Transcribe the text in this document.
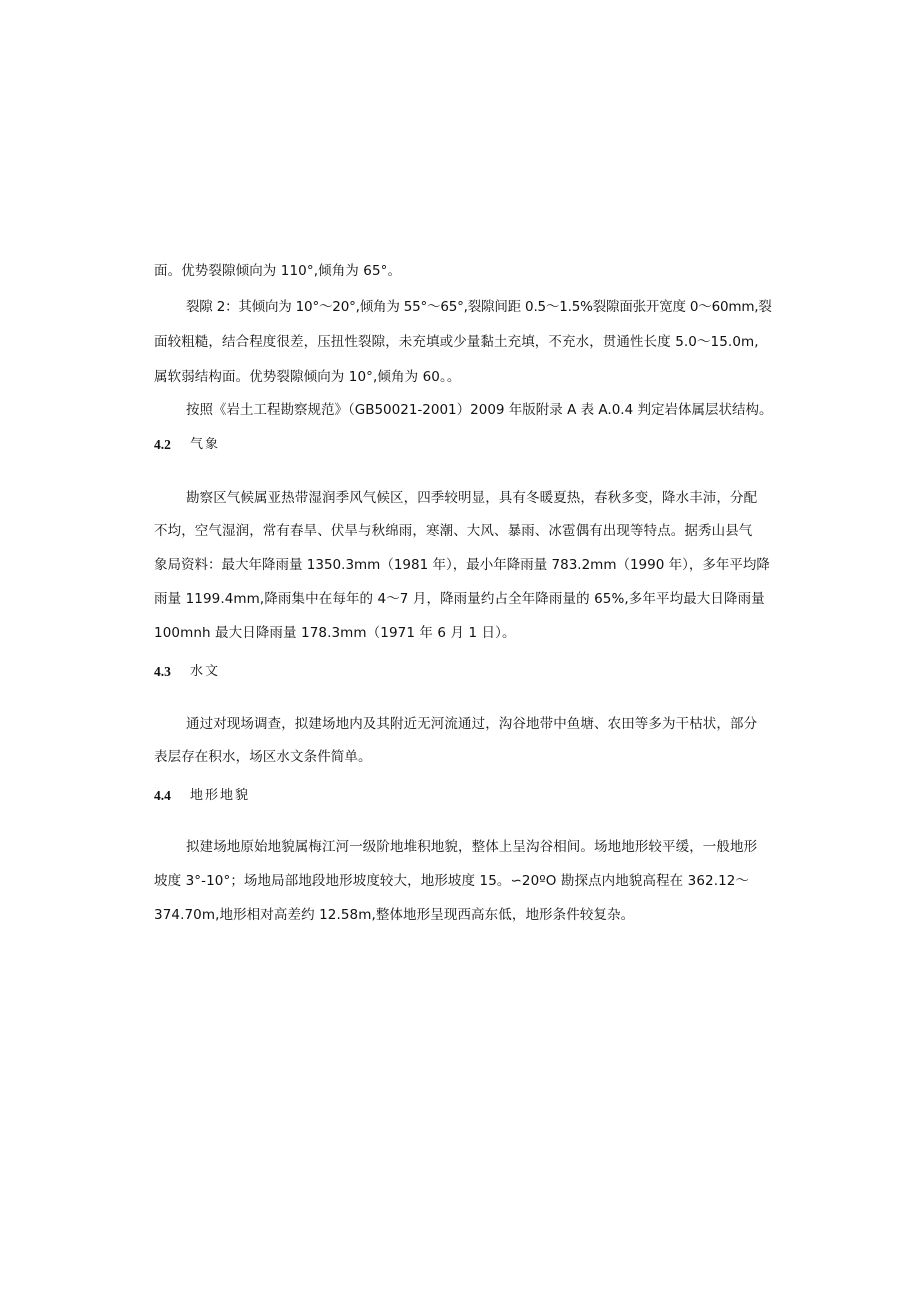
面。优势裂隙倾向为 110°,倾角为 65°。
裂隙 2：其倾向为 10°～20°,倾角为 55°～65°,裂隙间距 0.5～1.5%裂隙面张开宽度 0～60mm,裂
面较粗糙，结合程度很差，压扭性裂隙，未充填或少量黏土充填，不充水，贯通性长度 5.0～15.0m,
属软弱结构面。优势裂隙倾向为 10°,倾角为 60。。
按照《岩土工程勘察规范》（GB50021-2001）2009 年版附录 A 表 A.0.4 判定岩体属层状结构。
4.2 气象
勘察区气候属亚热带湿润季风气候区，四季较明显，具有冬暖夏热，春秋多变，降水丰沛，分配
不均，空气湿润，常有春旱、伏旱与秋绵雨，寒潮、大风、暴雨、冰雹偶有出现等特点。据秀山县气
象局资料：最大年降雨量 1350.3mm（1981 年），最小年降雨量 783.2mm（1990 年），多年平均降
雨量 1199.4mm,降雨集中在每年的 4～7 月，降雨量约占全年降雨量的 65%,多年平均最大日降雨量
100mnh 最大日降雨量 178.3mm（1971 年 6 月 1 日）。
4.3 水文
通过对现场调查，拟建场地内及其附近无河流通过，沟谷地带中鱼塘、农田等多为干枯状，部分
表层存在积水，场区水文条件简单。
4.4 地形地貌
拟建场地原始地貌属梅江河一级阶地堆积地貌，整体上呈沟谷相间。场地地形较平缓，一般地形
坡度 3°-10°；场地局部地段地形坡度较大，地形坡度 15。∽20ºO 勘探点内地貌高程在 362.12～
374.70m,地形相对高差约 12.58m,整体地形呈现西高东低，地形条件较复杂。
